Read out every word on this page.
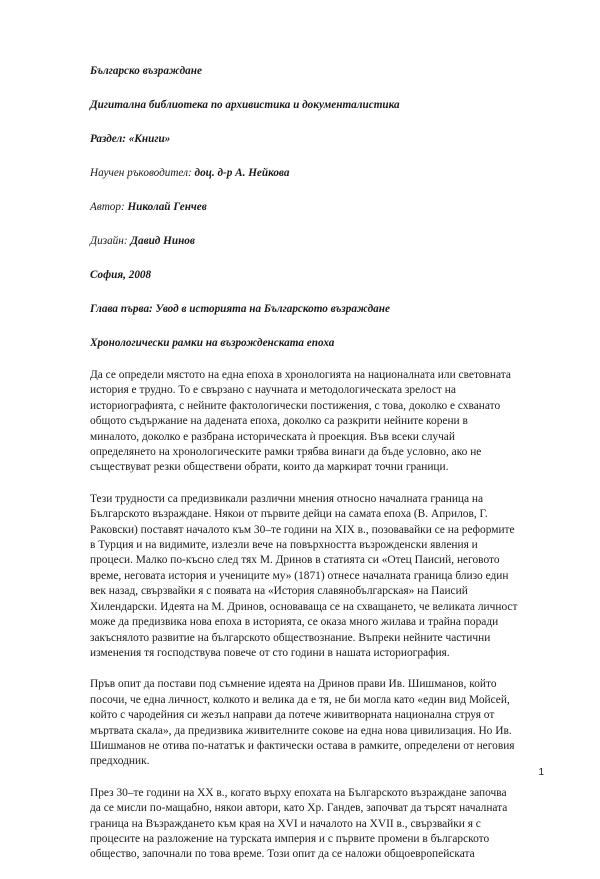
Българско възраждане
Дигитална библиотека по архивистика и документалистика
Раздел: «Книги»
Научен ръководител: доц. д-р А. Нейкова
Автор: Николай Генчев
Дизайн: Давид Нинов
София, 2008
Глава първа: Увод в историята на Българското възраждане
Хронологически рамки на възрожденската епоха
Да се определи мястото на една епоха в хронологията на националната или световната
история е трудно. То е свързано с научната и методологическата зрелост на
историографията, с нейните фактологически постижения, с това, доколко е схванато
общото съдържание на дадената епоха, доколко са разкрити нейните корени в
миналото, доколко е разбрана историческата ѝ проекция. Във всеки случай
определянето на хронологическите рамки трябва винаги да бъде условно, ако не
съществуват резки обществени обрати, които да маркират точни граници.
Тези трудности са предизвикали различни мнения относно началната граница на
Българското възраждане. Някои от първите дейци на самата епоха (В. Априлов, Г.
Раковски) поставят началото към 30–те години на XIX в., позовавайки се на реформите
в Турция и на видимите, излезли вече на повърхността възрожденски явления и
процеси. Малко по-късно след тях М. Дринов в статията си «Отец Паисий, неговото
време, неговата история и учениците му» (1871) отнесе началната граница близо един
век назад, свързвайки я с появата на «История славянобългарская» на Паисий
Хилендарски. Идеята на М. Дринов, основаваща се на схващането, че великата личност
може да предизвика нова епоха в историята, се оказа много жилава и трайна поради
закъснялото развитие на българското обществознание. Въпреки нейните частични
изменения тя господствува повече от сто години в нашата историография.
Пръв опит да постави под съмнение идеята на Дринов прави Ив. Шишманов, който
посочи, че една личност, колкото и велика да е тя, не би могла като «един вид Мойсей,
който с чародейния си жезъл направи да потече живитворната национална струя от
мъртвата скала», да предизвика живителните сокове на една нова цивилизация. Но Ив.
Шишманов не отива по-нататък и фактически остава в рамките, определени от неговия
предходник.
През 30–те години на XX в., когато върху епохата на Българското възраждане започва
да се мисли по-мащабно, някои автори, като Хр. Гандев, започват да търсят началната
граница на Възраждането към края на XVI и началото на XVII в., свързвайки я с
процесите на разложение на турската империя и с първите промени в българското
общество, започнали по това време. Този опит да се наложи общоевропейската
1
